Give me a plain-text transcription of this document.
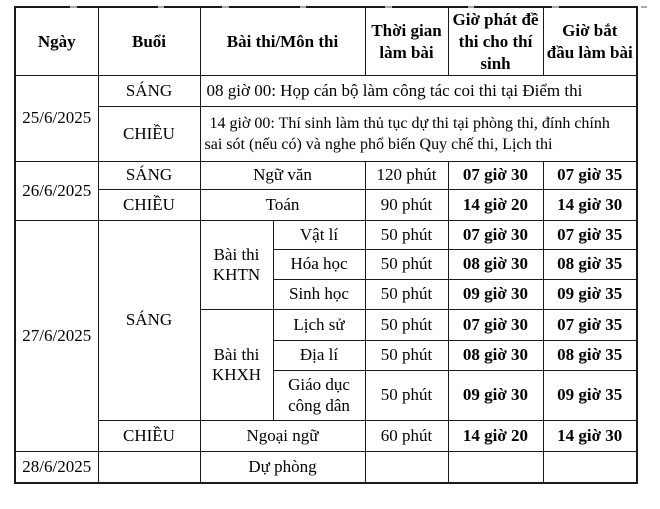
Ngày	Buổi	Bài thi/Môn thi		Thời gian làm bài	Giờ phát đề thi cho thí sinh	Giờ bắt đầu làm bài
25/6/2025	SÁNG	08 giờ 00: Họp cán bộ làm công tác coi thi tại Điểm thi				
	CHIỀU	14 giờ 00: Thí sinh làm thủ tục dự thi tại phòng thi, đính chính
sai sót (nếu có) và nghe phổ biến Quy chế thi, Lịch thi				

26/6/2025	SÁNG	Ngữ văn		120 phút	07 giờ 30	07 giờ 35
	CHIỀU	Toán		90 phút	14 giờ 20	14 giờ 30
27/6/2025	SÁNG	Bài thi KHTN	Vật lí	50 phút	07 giờ 30	07 giờ 35
			Hóa học	50 phút	08 giờ 30	08 giờ 35
			Sinh học	50 phút	09 giờ 30	09 giờ 35
		Bài thi KHXH	Lịch sử	50 phút	07 giờ 30	07 giờ 35
			Địa lí	50 phút	08 giờ 30	08 giờ 35
			Giáo dục công dân	50 phút	09 giờ 30	09 giờ 35
	CHIỀU	Ngoại ngữ		60 phút	14 giờ 20	14 giờ 30
28/6/2025		Dự phòng				
